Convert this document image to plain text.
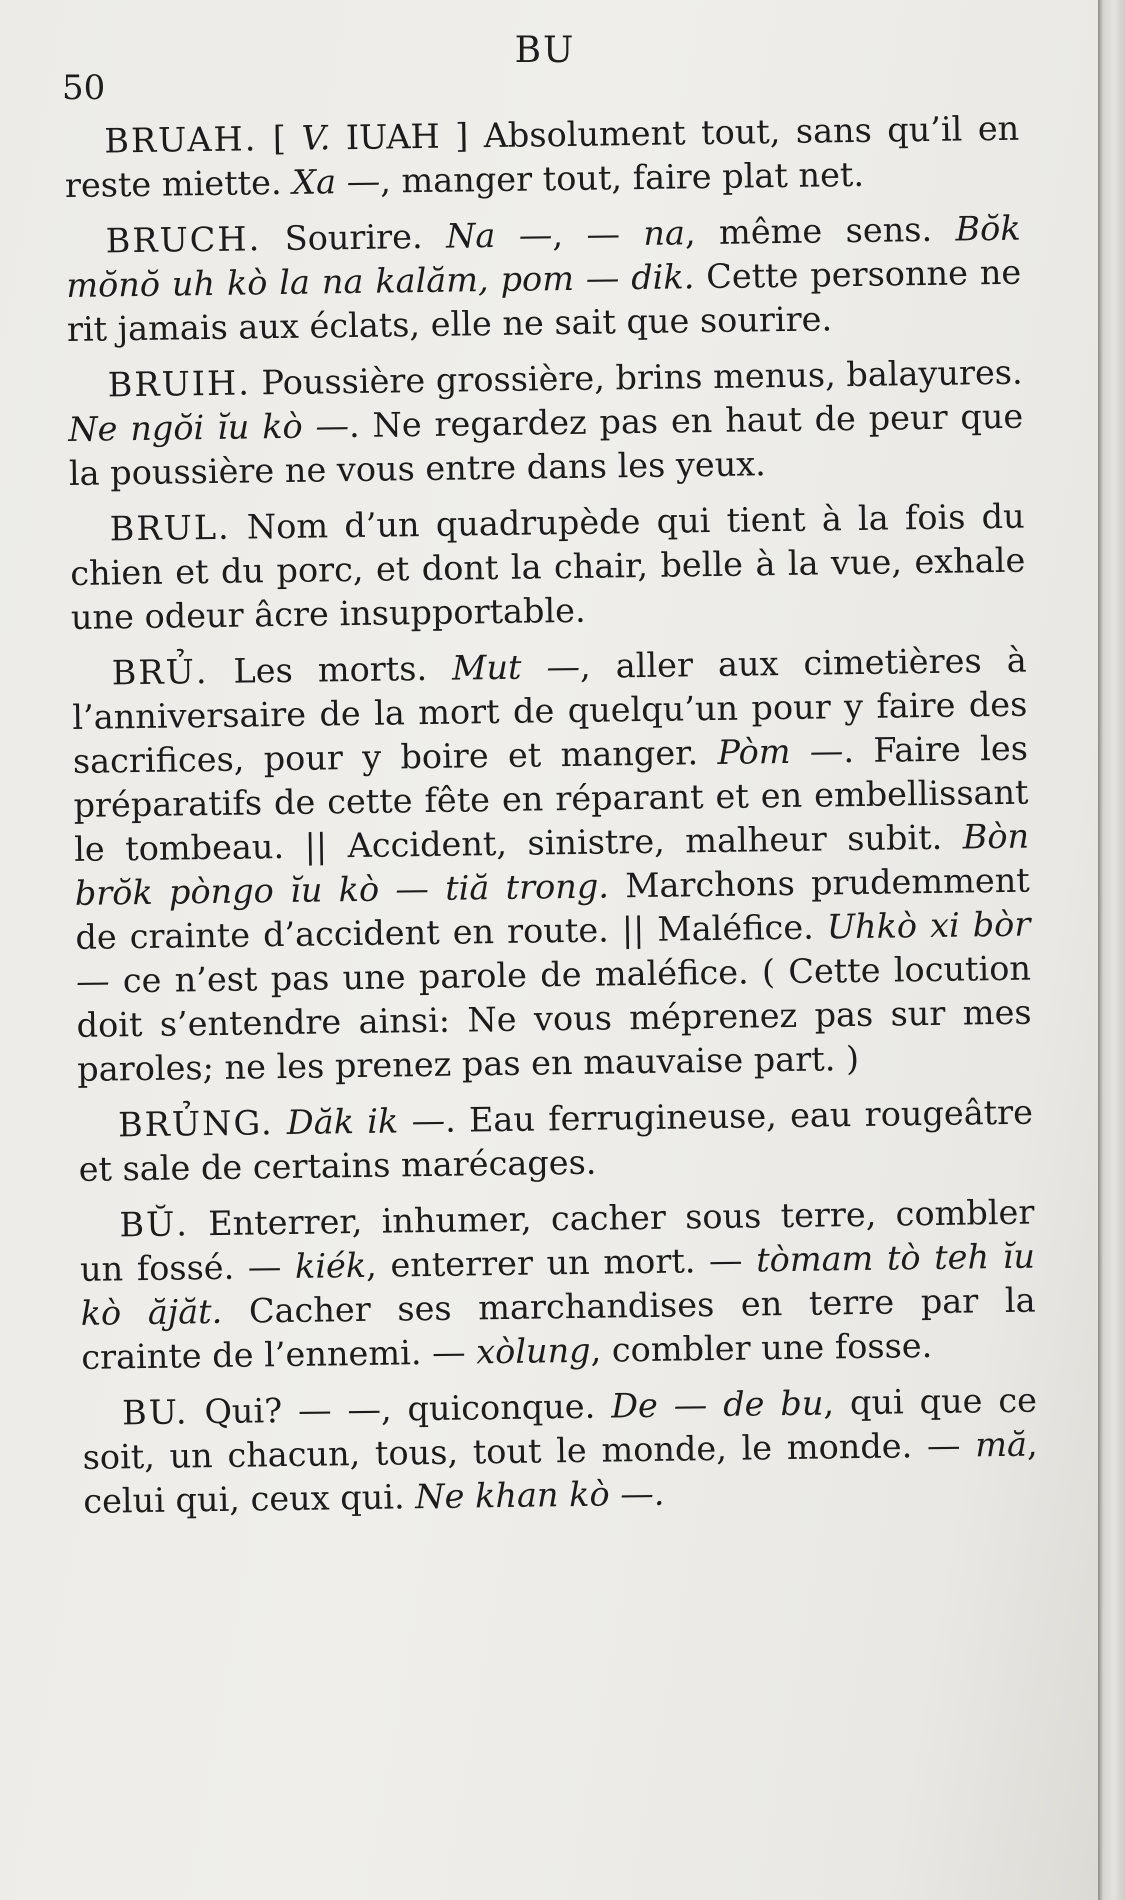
BU
50

BRUAH. [ V. IUAH ] Absolument tout, sans qu’il en reste miette. Xa —, manger tout, faire plat net.

BRUCH. Sourire. Na —, — na, même sens. Bŏk mŏnŏ uh kò la na kalăm, pom — dik. Cette personne ne rit jamais aux éclats, elle ne sait que sourire.

BRUIH. Poussière grossière, brins menus, balayures. Ne ngŏi ĭu kò —. Ne regardez pas en haut de peur que la poussière ne vous entre dans les yeux.

BRUL. Nom d’un quadrupède qui tient à la fois du chien et du porc, et dont la chair, belle à la vue, exhale une odeur âcre insupportable.

BRỦ. Les morts. Mut —, aller aux cimetières à l’anniversaire de la mort de quelqu’un pour y faire des sacrifices, pour y boire et manger. Pòm —. Faire les préparatifs de cette fête en réparant et en embellissant le tombeau. || Accident, sinistre, malheur subit. Bòn brŏk pòngo ĭu kò — tiă trong. Marchons prudemment de crainte d’accident en route. || Maléfice. Uhkò xi bòr — ce n’est pas une parole de maléfice. ( Cette locution doit s’entendre ainsi: Ne vous méprenez pas sur mes paroles; ne les prenez pas en mauvaise part. )

BRỦNG. Dăk ik —. Eau ferrugineuse, eau rougeâtre et sale de certains marécages.

BŬ. Enterrer, inhumer, cacher sous terre, combler un fossé. — kiék, enterrer un mort. — tòmam tò teh ĭu kò ăjăt. Cacher ses marchandises en terre par la crainte de l’ennemi. — xòlung, combler une fosse.

BU. Qui? — —, quiconque. De — de bu, qui que ce soit, un chacun, tous, tout le monde, le monde. — mă, celui qui, ceux qui. Ne khan kò —.
